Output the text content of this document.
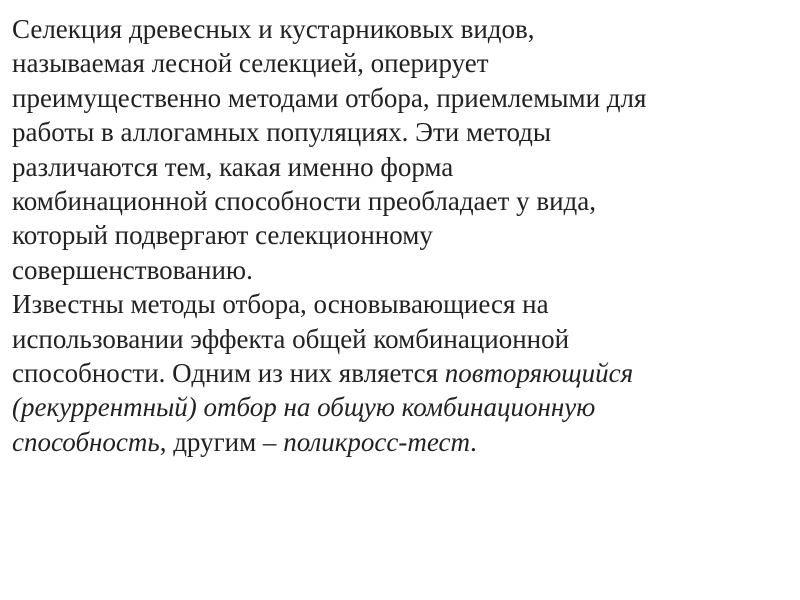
Селекция древесных и кустарниковых видов,
называемая лесной селекцией, оперирует
преимущественно методами отбора, приемлемыми для
работы в аллогамных популяциях. Эти методы
различаются тем, какая именно форма
комбинационной способности преобладает у вида,
который подвергают селекционному
совершенствованию.
Известны методы отбора, основывающиеся на
использовании эффекта общей комбинационной
способности. Одним из них является повторяющийся
(рекуррентный) отбор на общую комбинационную
способность, другим – поликросс-тест.
